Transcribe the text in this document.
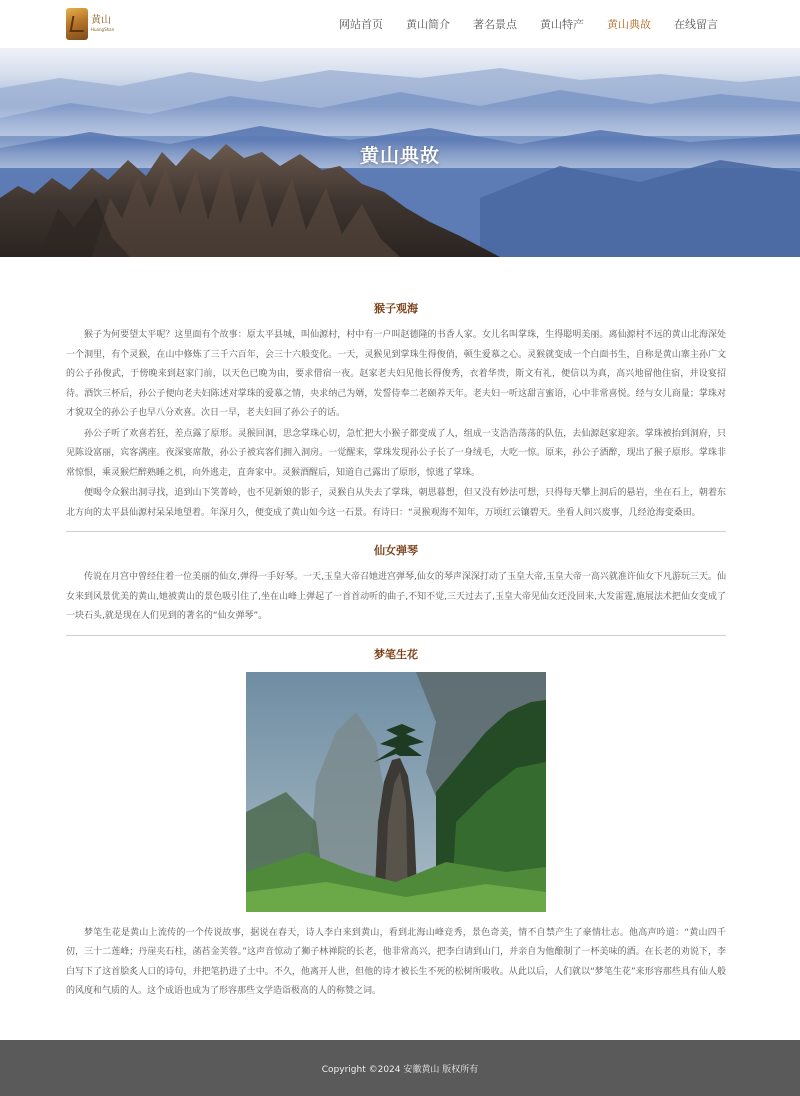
黄山
HuangShan	网站首页 黄山简介 著名景点 黄山特产 黄山典故 在线留言
黄山典故
猴子观海

猴子为何要望太平呢？这里面有个故事：原太平县城，叫仙源村，村中有一户叫赵德隆的书香人家。女儿名叫掌珠，生得聪明美丽。离仙源村不远的黄山北海深处一个洞里，有个灵猴，在山中修炼了三千六百年，会三十六般变化。一天，灵猴见到掌珠生得俊俏，顿生爱慕之心。灵猴就变成一个白面书生，自称是黄山寨主孙广文的公子孙俊武，于傍晚来到赵家门前，以天色已晚为由，要求借宿一夜。赵家老夫妇见他长得俊秀，衣着华贵，斯文有礼，便信以为真，高兴地留他住宿，并设宴招待。酒饮三杯后，孙公子便向老夫妇陈述对掌珠的爱慕之情，央求纳己为婿，发誓侍奉二老颐养天年。老夫妇一听这甜言蜜语，心中非常喜悦。经与女儿商量；掌珠对才貌双全的孙公子也早八分欢喜。次日一早，老夫妇回了孙公子的话。

孙公子听了欢喜若狂，差点露了原形。灵猴回洞，思念掌珠心切，急忙把大小猴子都变成了人，组成一支浩浩荡荡的队伍，去仙源赵家迎亲。掌珠被抬到洞府，只见陈设富丽，宾客满座。夜深宴席散，孙公子被宾客们拥入洞房。一觉醒来，掌珠发现孙公子长了一身绒毛，大吃一惊。原来，孙公子酒醉，现出了猴子原形。掌珠非常惊恨，乘灵猴烂醉熟睡之机，向外逃走，直奔家中。灵猴酒醒后，知道自己露出了原形，惊逃了掌珠。

便喝令众猴出洞寻找，追到山下笑菁岭，也不见新娘的影子，灵猴自从失去了掌珠，朝思暮想，但又没有妙法可想，只得每天攀上洞后的悬岩，坐在石上，朝着东北方向的太平县仙源村呆呆地望着。年深月久，便变成了黄山如今这一石景。有诗曰：“灵猴观海不知年，万顷红云镶碧天。坐看人间兴废事，几经沧海变桑田。

仙女弹琴

传说在月宫中曾经住着一位美丽的仙女,弹得一手好琴。一天,玉皇大帝召她进宫弹琴,仙女的琴声深深打动了玉皇大帝,玉皇大帝一高兴就准许仙女下凡游玩三天。仙女来到风景优美的黄山,她被黄山的景色吸引住了,坐在山峰上弹起了一首首动听的曲子,不知不觉,三天过去了,玉皇大帝见仙女还没回来,大发雷霆,施展法术把仙女变成了一块石头,就是现在人们见到的著名的“仙女弹琴”。

梦笔生花

梦笔生花是黄山上流传的一个传说故事，据说在春天，诗人李白来到黄山，看到北海山峰竞秀，景色奇美，情不自禁产生了豪情壮志。他高声吟道：“黄山四千仞，三十二莲峰；丹崖夹石柱，菡萏金芙蓉。”这声音惊动了狮子林禅院的长老，他非常高兴，把李白请到山门，并亲自为他酿制了一杯美味的酒。在长老的劝说下，李白写下了这首脍炙人口的诗句，并把笔扔进了土中。不久，他离开人世，但他的诗才被长生不死的松树所吸收。从此以后，人们就以“梦笔生花”来形容那些具有仙人般的风度和气质的人。这个成语也成为了形容那些文学造诣极高的人的称赞之词。

Copyright ©2024 安徽黄山 版权所有
